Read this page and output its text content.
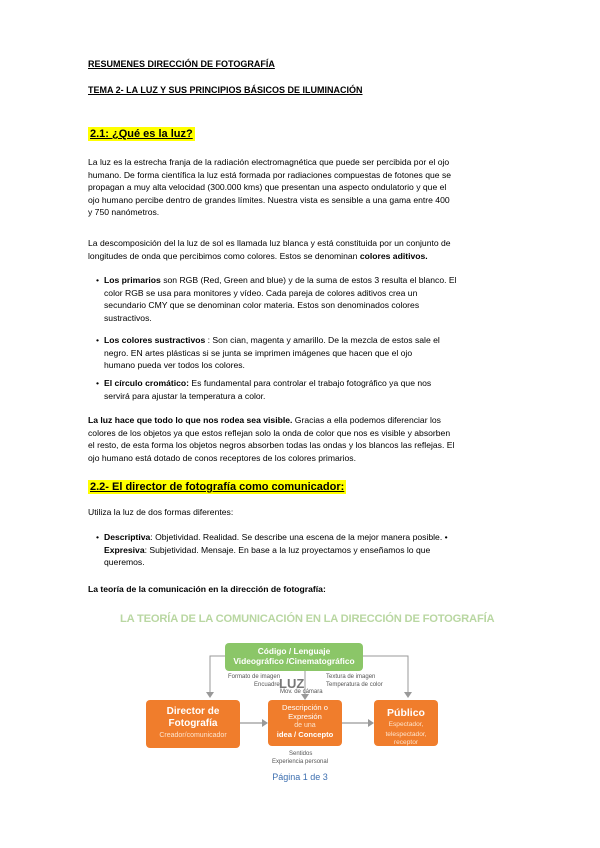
RESUMENES DIRECCIÓN DE FOTOGRAFÍA
TEMA 2- LA LUZ Y SUS PRINCIPIOS BÁSICOS DE ILUMINACIÓN
2.1: ¿Qué es la luz?
La luz es la estrecha franja de la radiación electromagnética que puede ser percibida por el ojo
humano. De forma científica la luz está formada por radiaciones compuestas de fotones que se
propagan a muy alta velocidad (300.000 kms) que presentan una aspecto ondulatorio y que el
ojo humano percibe dentro de grandes límites. Nuestra vista es sensible a una gama entre 400
y 750 nanómetros.
La descomposición del la luz de sol es llamada luz blanca y está constituida por un conjunto de
longitudes de onda que percibimos como colores. Estos se denominan colores aditivos.
• Los primarios son RGB (Red, Green and blue) y de la suma de estos 3 resulta el blanco. El
color RGB se usa para monitores y vídeo. Cada pareja de colores aditivos crea un
secundario CMY que se denominan color materia. Estos son denominados colores
sustractivos.
• Los colores sustractivos : Son cian, magenta y amarillo. De la mezcla de estos sale el
negro. EN artes plásticas si se junta se imprimen imágenes que hacen que el ojo
humano pueda ver todos los colores.
• El círculo cromático: Es fundamental para controlar el trabajo fotográfico ya que nos
servirá para ajustar la temperatura a color.
La luz hace que todo lo que nos rodea sea visible. Gracias a ella podemos diferenciar los
colores de los objetos ya que estos reflejan solo la onda de color que nos es visible y absorben
el resto, de esta forma los objetos negros absorben todas las ondas y los blancos las reflejas. El
ojo humano está dotado de conos receptores de los colores primarios.
2.2- El director de fotografía como comunicador:
Utiliza la luz de dos formas diferentes:
• Descriptiva: Objetividad. Realidad. Se describe una escena de la mejor manera posible. •
Expresiva: Subjetividad. Mensaje. En base a la luz proyectamos y enseñamos lo que
queremos.
La teoría de la comunicación en la dirección de fotografía:
LA TEORÍA DE LA COMUNICACIÓN EN LA DIRECCIÓN DE FOTOGRAFÍA
Código / Lenguaje
Videográfico /Cinematográfico
Formato de imagen
Encuadre LUZ
Mov. de cámara
Textura de imagen
Temperatura de color
Director de
Fotografía
Creador/comunicador
Descripción o
Expresión
de una
idea / Concepto
Público
Espectador,
telespectador, receptor
Sentidos
Experiencia personal
Página 1 de 3
